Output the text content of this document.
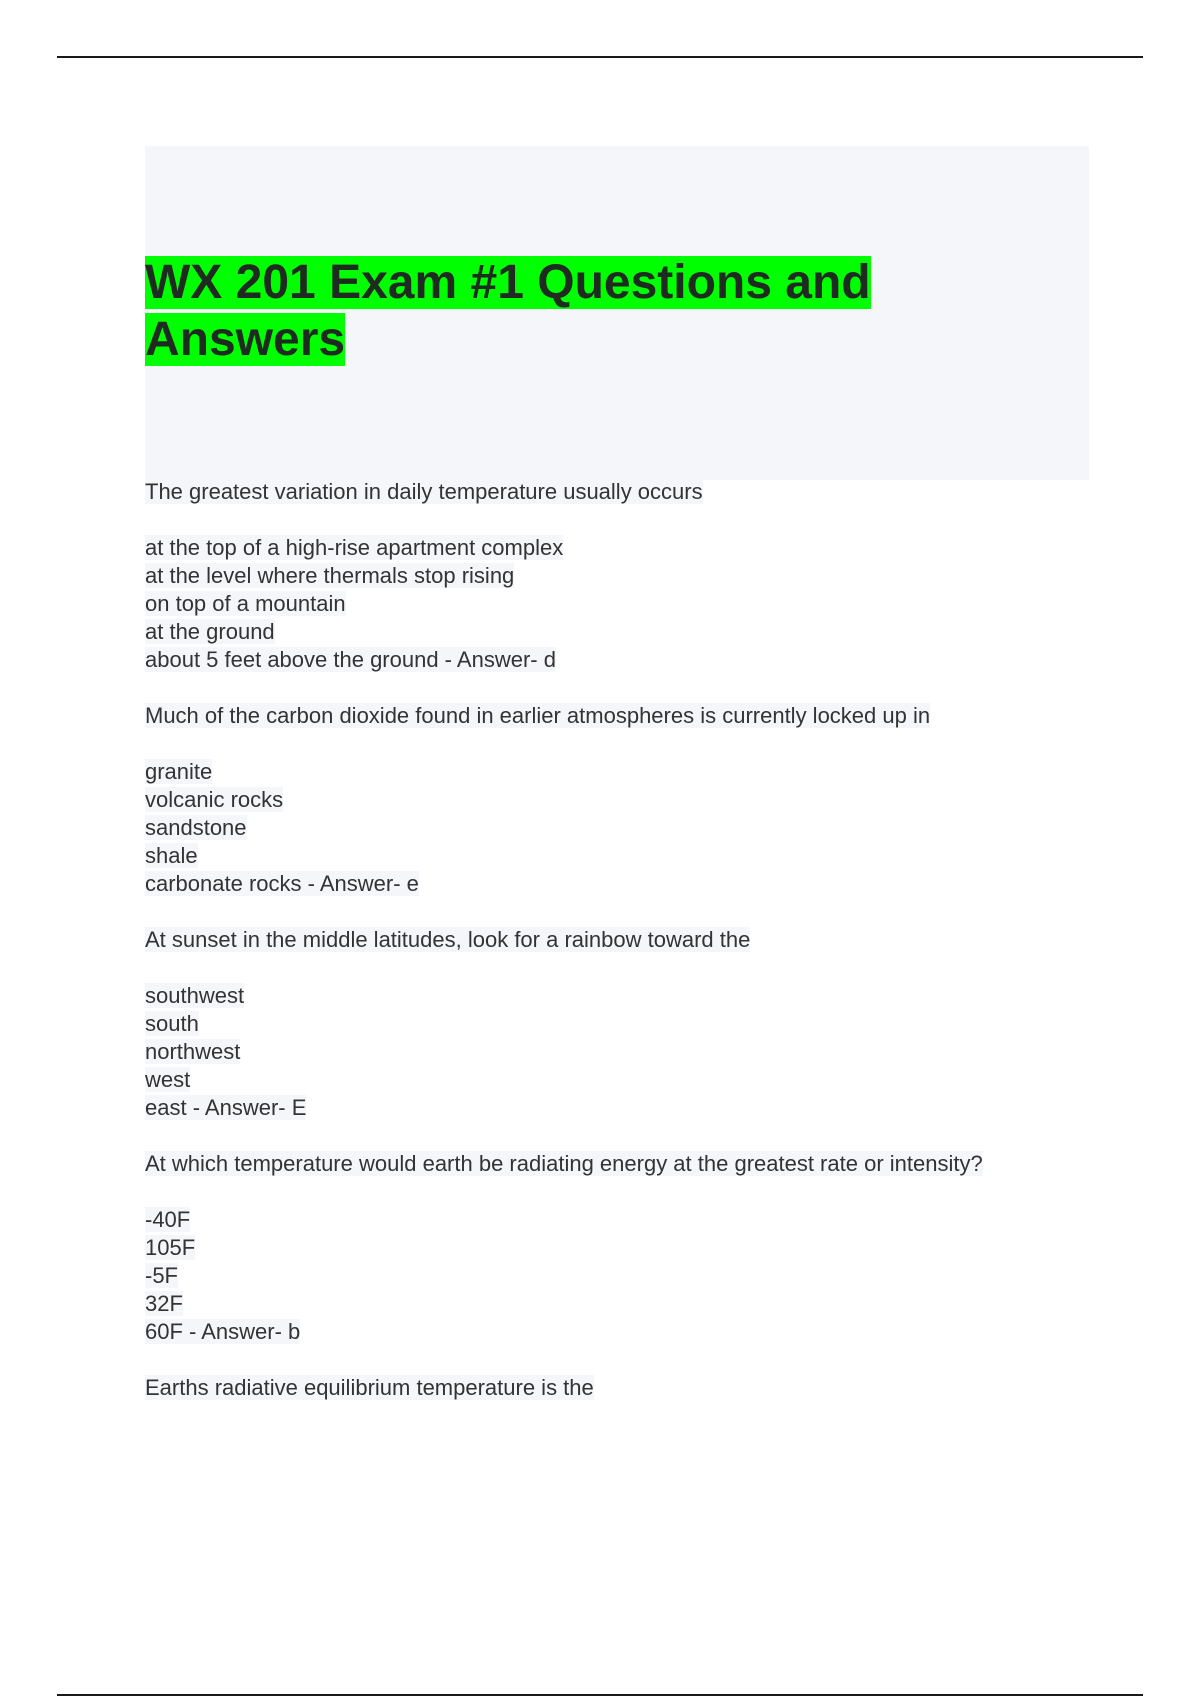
WX 201 Exam #1 Questions and Answers
The greatest variation in daily temperature usually occurs
at the top of a high-rise apartment complex
at the level where thermals stop rising
on top of a mountain
at the ground
about 5 feet above the ground - Answer- d
Much of the carbon dioxide found in earlier atmospheres is currently locked up in
granite
volcanic rocks
sandstone
shale
carbonate rocks - Answer- e
At sunset in the middle latitudes, look for a rainbow toward the
southwest
south
northwest
west
east - Answer- E
At which temperature would earth be radiating energy at the greatest rate or intensity?
-40F
105F
-5F
32F
60F - Answer- b
Earths radiative equilibrium temperature is the
